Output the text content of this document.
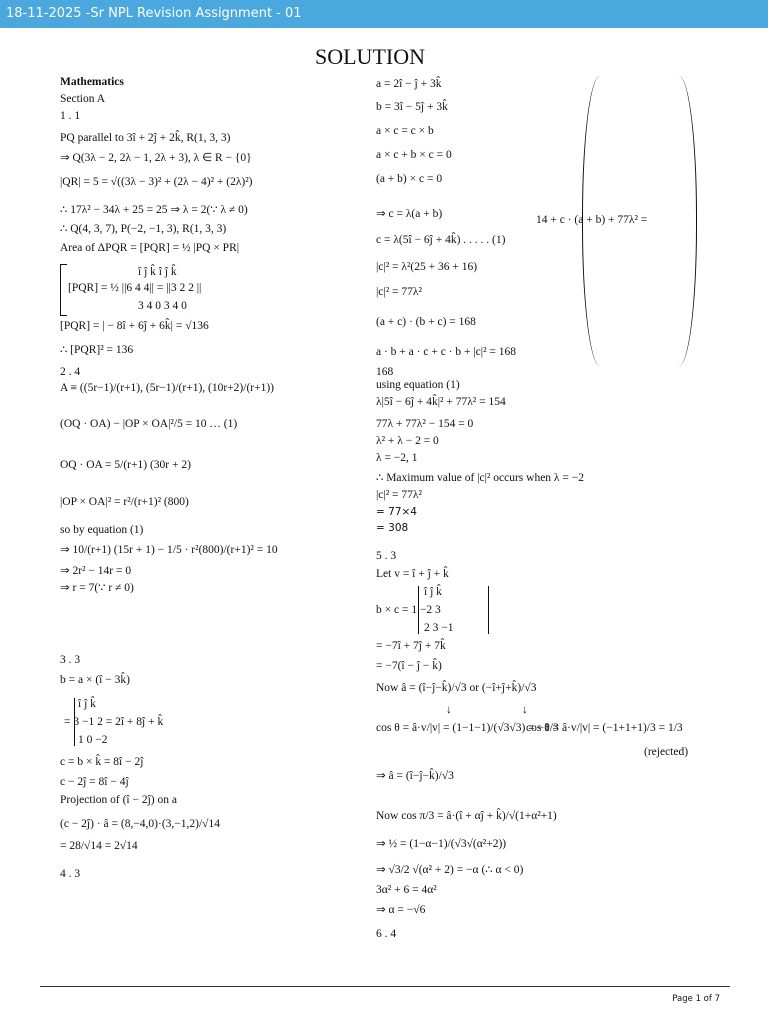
18-11-2025 -Sr NPL Revision Assignment - 01
SOLUTION
Mathematics
Section A
1 . 1
PQ parallel to 3î + 2ĵ + 2k̂, R(1, 3, 3)
⇒ Q(3λ − 2, 2λ − 1, 2λ + 3), λ ∈ R − {0}
|QR| = 5 = √((3λ − 3)² + (2λ − 4)² + (2λ)²)
∴ 17λ² − 34λ + 25 = 25 ⇒ λ = 2(∵ λ ≠ 0)
∴ Q(4, 3, 7), P(−2, −1, 3), R(1, 3, 3)
Area of ΔPQR = [PQR] = ½ |PQ × PR|
î ĵ k̂ î ĵ k̂
[PQR] = ½ ||6 4 4|| = ||3 2 2 ||
3 4 0 3 4 0
[PQR] = | − 8î + 6ĵ + 6k̂| = √136
∴ [PQR]² = 136
2 . 4
A ≡ ((5r−1)/(r+1), (5r−1)/(r+1), (10r+2)/(r+1))
(OQ · OA) − |OP × OA|²/5 = 10 … (1)
OQ · OA = 5/(r+1) (30r + 2)
|OP × OA|² = r²/(r+1)² (800)
so by equation (1)
⇒ 10/(r+1) (15r + 1) − 1/5 · r²(800)/(r+1)² = 10
⇒ 2r² − 14r = 0
⇒ r = 7(∵ r ≠ 0)
3 . 3
b = a × (î − 3k̂)
î ĵ k̂
= 3 −1 2 = 2î + 8ĵ + k̂
1 0 −2
c = b × k̂ = 8î − 2ĵ
c − 2ĵ = 8î − 4ĵ
Projection of (î − 2ĵ) on a
(c − 2ĵ) · â = (8,−4,0)·(3,−1,2)/√14
= 28/√14 = 2√14
4 . 3
14 + c · (a + b) + 77λ² =
a = 2î − ĵ + 3k̂
b = 3î − 5ĵ + 3k̂
a × c = c × b
a × c + b × c = 0
(a + b) × c = 0
⇒ c = λ(a + b)
c = λ(5î − 6ĵ + 4k̂) . . . . . (1)
|c|² = λ²(25 + 36 + 16)
|c|² = 77λ²
(a + c) · (b + c) = 168
a · b + a · c + c · b + |c|² = 168
168
using equation (1)
λ|5î − 6ĵ + 4k̂|² + 77λ² = 154
77λ + 77λ² − 154 = 0
λ² + λ − 2 = 0
λ = −2, 1
∴ Maximum value of |c|² occurs when λ = −2
|c|² = 77λ²
= 77×4
= 308
5 . 3
Let v = î + ĵ + k̂
î ĵ k̂
b × c = 1 −2 3
2 3 −1
= −7î + 7ĵ + 7k̂
= −7(î − ĵ − k̂)
Now â = (î−ĵ−k̂)/√3 or (−î+ĵ+k̂)/√3
↓	↓
cos θ = â·v/|v| = (1−1−1)/(√3√3) = −1/3
cos θ = â·v/|v| = (−1+1+1)/3 = 1/3
(rejected)
⇒ â = (î−ĵ−k̂)/√3
Now cos π/3 = â·(î + αĵ + k̂)/√(1+α²+1)
⇒ ½ = (1−α−1)/(√3√(α²+2))
⇒ √3/2 √(α² + 2) = −α (∴ α < 0)
3α² + 6 = 4α²
⇒ α = −√6
6 . 4
Page 1 of 7
